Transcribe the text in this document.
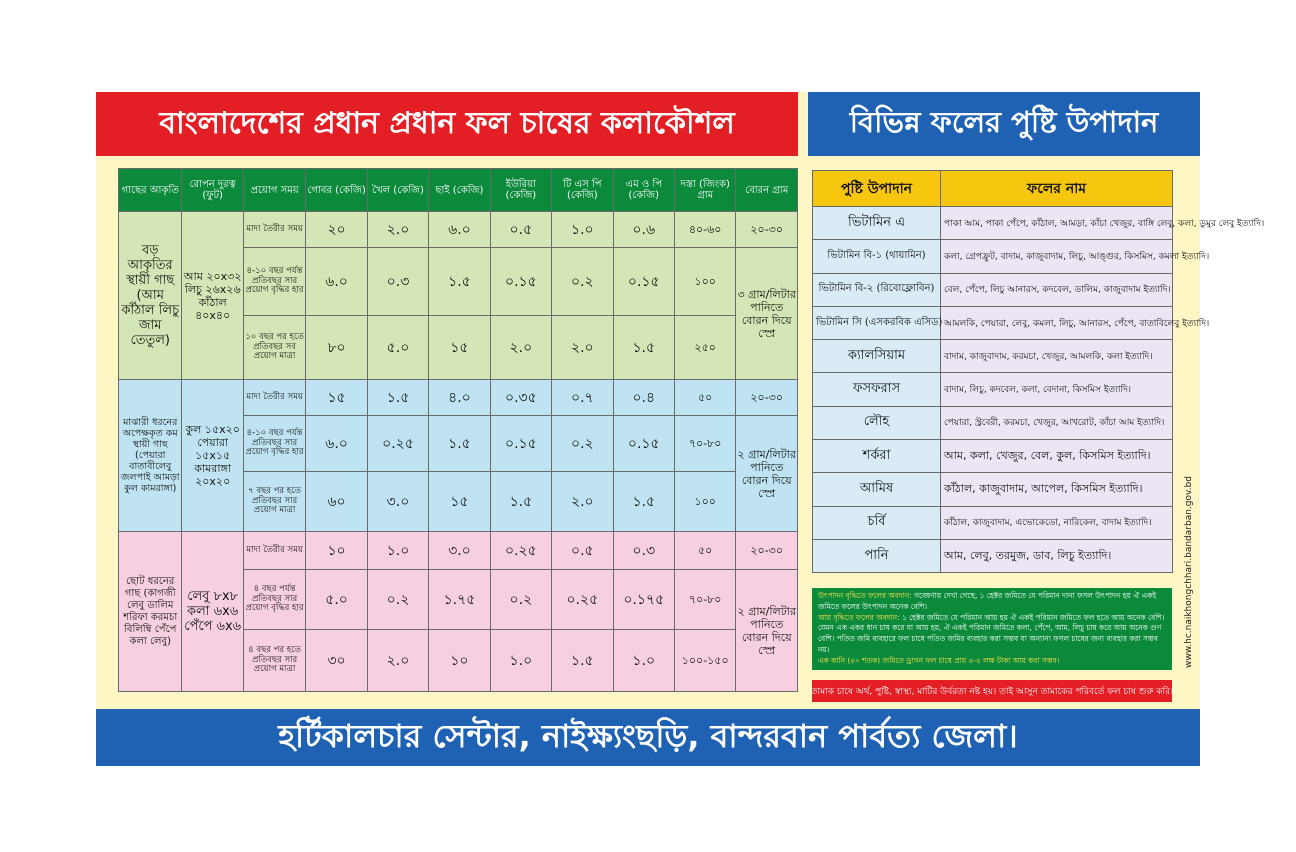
বাংলাদেশের প্রধান প্রধান ফল চাষের কলাকৌশল	বিভিন্ন ফলের পুষ্টি উপাদান
গাছের আকৃতি	রোপন দুরত্ব (ফুট)	প্রয়োগ সময়	গোবর (কেজি)	খৈল (কেজি)	ছাই (কেজি)	ইউরিয়া (কেজি)	টি এস পি (কেজি)	এম ও পি (কেজি)	দস্তা (জিংক) গ্রাম	বোরন গ্রাম
বড় আকৃতির স্থায়ী গাছ (আম কাঁঠাল লিচু জাম তেতুল)	আম ২০x৩২ লিচু ২৬x২৬ কাঁঠাল ৪০x৪০	মাদা তৈরীর সময়	২০	২.০	৬.০	০.৫	১.০	০.৬	৪০-৬০	২০-৩০
		৪-১০ বছর পর্যন্ত প্রতিবছর সার প্রয়োগ বৃদ্ধির হার	৬.০	০.৩	১.৫	০.১৫	০.২	০.১৫	১০০	৩ গ্রাম/লিটার পানিতে বোরন দিয়ে স্প্রে
		১০ বছর পর হতে প্রতিবছর সব প্রয়োগ মাত্রা	৮০	৫.০	১৫	২.০	২.০	১.৫	২৫০	
মাঝারী ধরনের অপেক্ষকৃত কম স্থায়ী গাছ (পেয়ারা বাতাবীলেবু জলপাই আমড়া কুল কামরাঙ্গা)	কুল ১৫x২০ পেয়ারা ১৫x১৫ কামরাঙ্গা ২০x২০	মাদা তৈরীর সময়	১৫	১.৫	৪.০	০.৩৫	০.৭	০.৪	৫০	২০-৩০
		৪-১০ বছর পর্যন্ত প্রতিবছর সার প্রয়োগ বৃদ্ধির হার	৬.০	০.২৫	১.৫	০.১৫	০.২	০.১৫	৭০-৮০	২ গ্রাম/লিটার পানিতে বোরন দিয়ে স্প্রে
		৭ বছর পর হতে প্রতিবছর সার প্রয়োগ মাত্রা	৬০	৩.০	১৫	১.৫	২.০	১.৫	১০০	
ছোট ধরনের গাছ (কাগজী লেবু ডালিম শরিফা করমচা বিলিম্বি পেঁপে কলা লেবু)	লেবু ৮x৮ কলা ৬x৬ পেঁপে ৬x৬	মাদা তৈরীর সময়	১০	১.০	৩.০	০.২৫	০.৫	০.৩	৫০	২০-৩০
		৪ বছর পর্যন্ত প্রতিবছর সার প্রয়োগ বৃদ্ধির হার	৫.০	০.২	১.৭৫	০.২	০.২৫	০.১৭৫	৭০-৮০	২ গ্রাম/লিটার পানিতে বোরন দিয়ে স্প্রে
		৪ বছর পর হতে প্রতিবছর সার প্রয়োগ মাত্রা	৩০	২.০	১০	১.০	১.৫	১.০	১০০-১৫০	
পুষ্টি উপাদান	ফলের নাম
ভিটামিন এ	পাকা আম, পাকা পেঁপে, কাঁঠাল, আমড়া, কাঁচা খেজুর, বাঙ্গি লেবু, কলা, ডুমুর লেবু ইত্যাদি।
ভিটামিন বি-১ (থায়ামিন)	কলা, গ্রেপফ্রুট, বাদাম, কাজুবাদাম, লিচু, আঙ্গুর, কিসমিস, কমলা ইত্যাদি।
ভিটামিন বি-২ (রিবোফ্লোবিন)	বেল, পেঁপে, লিচু আনারস, কদবেল, ডালিম, কাজুবাদাম ইত্যাদি।
ভিটামিন সি (এসকরবিক এসিড)	আমলকি, পেয়ারা, লেবু, কমলা, লিচু, আনারস, পেঁপে, বাতাবিলেবু ইত্যাদি।
ক্যালসিয়াম	বাদাম, কাজুবাদাম, করমচা, খেজুর, আমলকি, কলা ইত্যাদি।
ফসফরাস	বাদাম, লিচু, কদবেল, কলা, বেদানা, কিসমিস ইত্যাদি।
লৌহ	পেয়ারা, স্ট্রবেরী, করমচা, খেজুর, আখরোট, কাঁচা আম ইত্যাদি।
শর্করা	আম, কলা, খেজুর, বেল, কুল, কিসমিস ইত্যাদি।
আমিষ	কাঁঠাল, কাজুবাদাম, আপেল, কিসমিস ইত্যাদি।
চর্বি	কাঁঠাল, কাজুবাদাম, এভোকেডো, নারিকেল, বাদাম ইত্যাদি।
পানি	আম, লেবু, তরমুজ, ডাব, লিচু ইত্যাদি।
উৎপাদন বৃদ্ধিতে ফলের অবদান: গবেষণায় দেখা গেছে, ১ হেক্টর জমিতে যে পরিমান দানা ফসল উৎপাদন হয় ঐ একই জমিতে ফলের উৎপাদন অনেক বেশি।
আয় বৃদ্ধিতে ফলের অবদান: ১ হেক্টর জমিতে যে পরিমান আয় হয় ঐ একই পরিমান জমিতে ফল হতে আয় অনেক বেশি। যেমন এক একর ধান চাষ করে যা আয় হয়, ঐ একই পরিমান জমিতে কলা, পেঁপে, আম, লিচু চাষ করে আয় অনেক গুণ বেশি। পতিত জমি ব্যবহারে ফল চাষে পতিত জমির ব্যবহার করা সম্ভব যা অন্যান্য ফসল চাষের জন্য ব্যবহার করা সম্ভব নয়।
এক কানি (৪০ শতক) জমিতে ড্রাগন ফল চাষে প্রায় ৪-৫ লক্ষ টাকা আয় করা সম্ভব।
তামাক চাষে অর্থ, পুষ্টি, স্বাস্থ্য, মাটির উর্বরতা নষ্ট হয়। তাই আসুন তামাকের পরিবর্তে ফল চাষ শুরু করি।
www.hc.naikhongchhari.bandarban.gov.bd
হর্টিকালচার সেন্টার, নাইক্ষ্যংছড়ি, বান্দরবান পার্বত্য জেলা।
